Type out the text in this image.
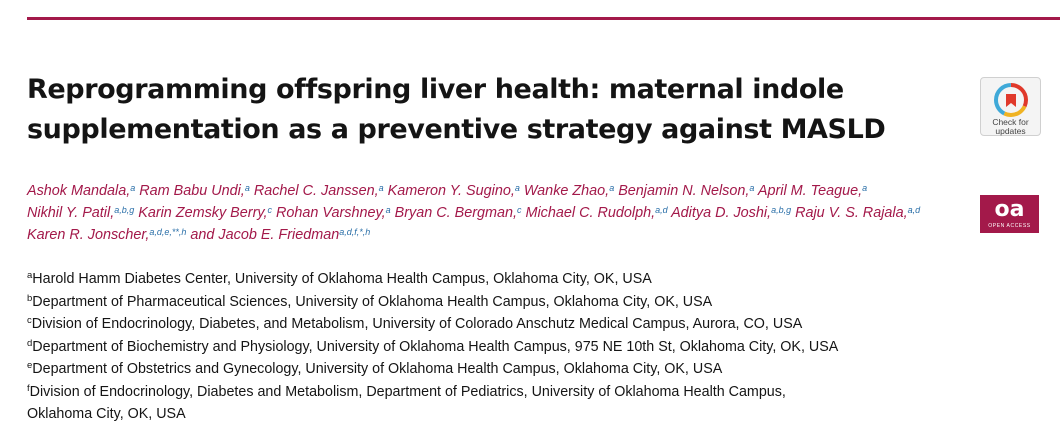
Reprogramming offspring liver health: maternal indole supplementation as a preventive strategy against MASLD	Check for
updates
oa
OPEN ACCESS
Ashok Mandala,$^a$ Ram Babu Undi,$^a$ Rachel C. Janssen,$^a$ Kameron Y. Sugino,$^a$ Wanke Zhao,$^a$ Benjamin N. Nelson,$^a$ April M. Teague,$^a$
Nikhil Y. Patil,$^{a,b,g}$ Karin Zemsky Berry,$^c$ Rohan Varshney,$^a$ Bryan C. Bergman,$^c$ Michael C. Rudolph,$^{a,d}$ Aditya D. Joshi,$^{a,b,g}$ Raju V. S. Rajala,$^{a,d}$
Karen R. Jonscher,$^{a,d,e,**,h}$ and Jacob E. Friedman$^{a,d,f,*,h}$
$^a$Harold Hamm Diabetes Center, University of Oklahoma Health Campus, Oklahoma City, OK, USA
$^b$Department of Pharmaceutical Sciences, University of Oklahoma Health Campus, Oklahoma City, OK, USA
$^c$Division of Endocrinology, Diabetes, and Metabolism, University of Colorado Anschutz Medical Campus, Aurora, CO, USA
$^d$Department of Biochemistry and Physiology, University of Oklahoma Health Campus, 975 NE 10th St, Oklahoma City, OK, USA
$^e$Department of Obstetrics and Gynecology, University of Oklahoma Health Campus, Oklahoma City, OK, USA
$^f$Division of Endocrinology, Diabetes and Metabolism, Department of Pediatrics, University of Oklahoma Health Campus,
Oklahoma City, OK, USA
